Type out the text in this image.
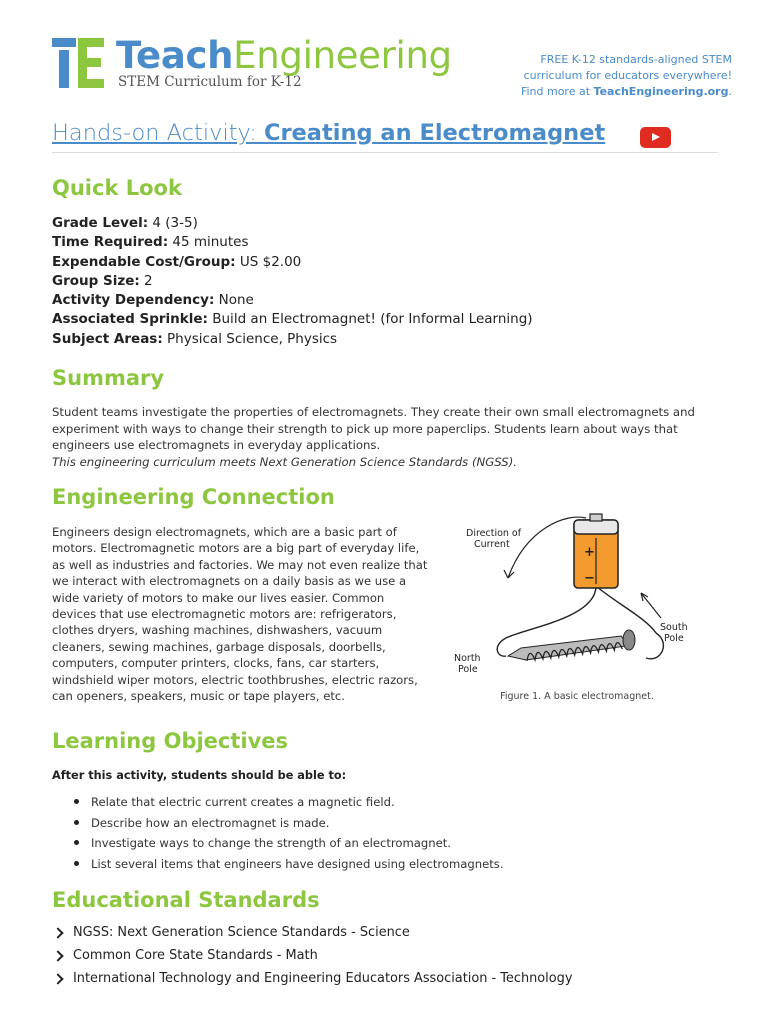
TeachEngineering
STEM Curriculum for K-12
FREE K-12 standards-aligned STEM
curriculum for educators everywhere!
Find more at TeachEngineering.org.
Hands-on Activity: Creating an Electromagnet
Quick Look
Grade Level: 4 (3-5)
Time Required: 45 minutes
Expendable Cost/Group: US $2.00
Group Size: 2
Activity Dependency: None
Associated Sprinkle: Build an Electromagnet! (for Informal Learning)
Subject Areas: Physical Science, Physics
Summary
Student teams investigate the properties of electromagnets. They create their own small electromagnets and experiment with ways to change their strength to pick up more paperclips. Students learn about ways that engineers use electromagnets in everyday applications.
This engineering curriculum meets Next Generation Science Standards (NGSS).
Engineering Connection
Engineers design electromagnets, which are a basic part of motors. Electromagnetic motors are a big part of everyday life, as well as industries and factories. We may not even realize that we interact with electromagnets on a daily basis as we use a wide variety of motors to make our lives easier. Common devices that use electromagnetic motors are: refrigerators, clothes dryers, washing machines, dishwashers, vacuum cleaners, sewing machines, garbage disposals, doorbells, computers, computer printers, clocks, fans, car starters, windshield wiper motors, electric toothbrushes, electric razors, can openers, speakers, music or tape players, etc.
+
−
Direction of
Current
South
Pole
North
Pole
Figure 1. A basic electromagnet.
Learning Objectives
After this activity, students should be able to:
Relate that electric current creates a magnetic field.
Describe how an electromagnet is made.
Investigate ways to change the strength of an electromagnet.
List several items that engineers have designed using electromagnets.
Educational Standards
NGSS: Next Generation Science Standards - Science
Common Core State Standards - Math
International Technology and Engineering Educators Association - Technology
